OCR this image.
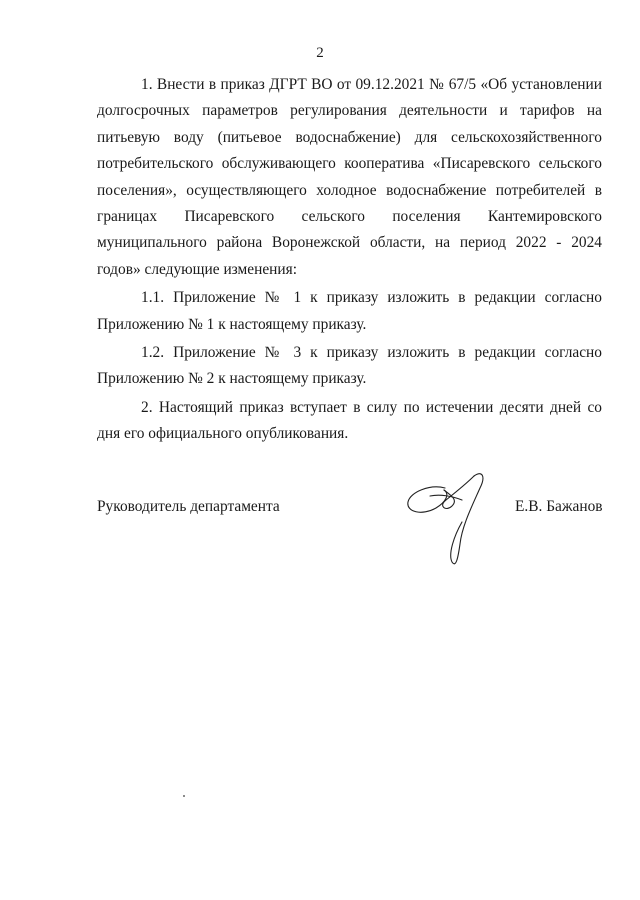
2

1. Внести в приказ ДГРТ ВО от 09.12.2021 № 67/5 «Об установлении долгосрочных параметров регулирования деятельности и тарифов на питьевую воду (питьевое водоснабжение) для сельскохозяйственного потребительского обслуживающего кооператива «Писаревского сельского поселения», осуществляющего холодное водоснабжение потребителей в границах Писаревского сельского поселения Кантемировского муниципального района Воронежской области, на период 2022 - 2024 годов» следующие изменения:

1.1. Приложение № 1 к приказу изложить в редакции согласно Приложению № 1 к настоящему приказу.

1.2. Приложение № 3 к приказу изложить в редакции согласно Приложению № 2 к настоящему приказу.

2. Настоящий приказ вступает в силу по истечении десяти дней со дня его официального опубликования.

Руководитель департамента	Е.В. Бажанов
